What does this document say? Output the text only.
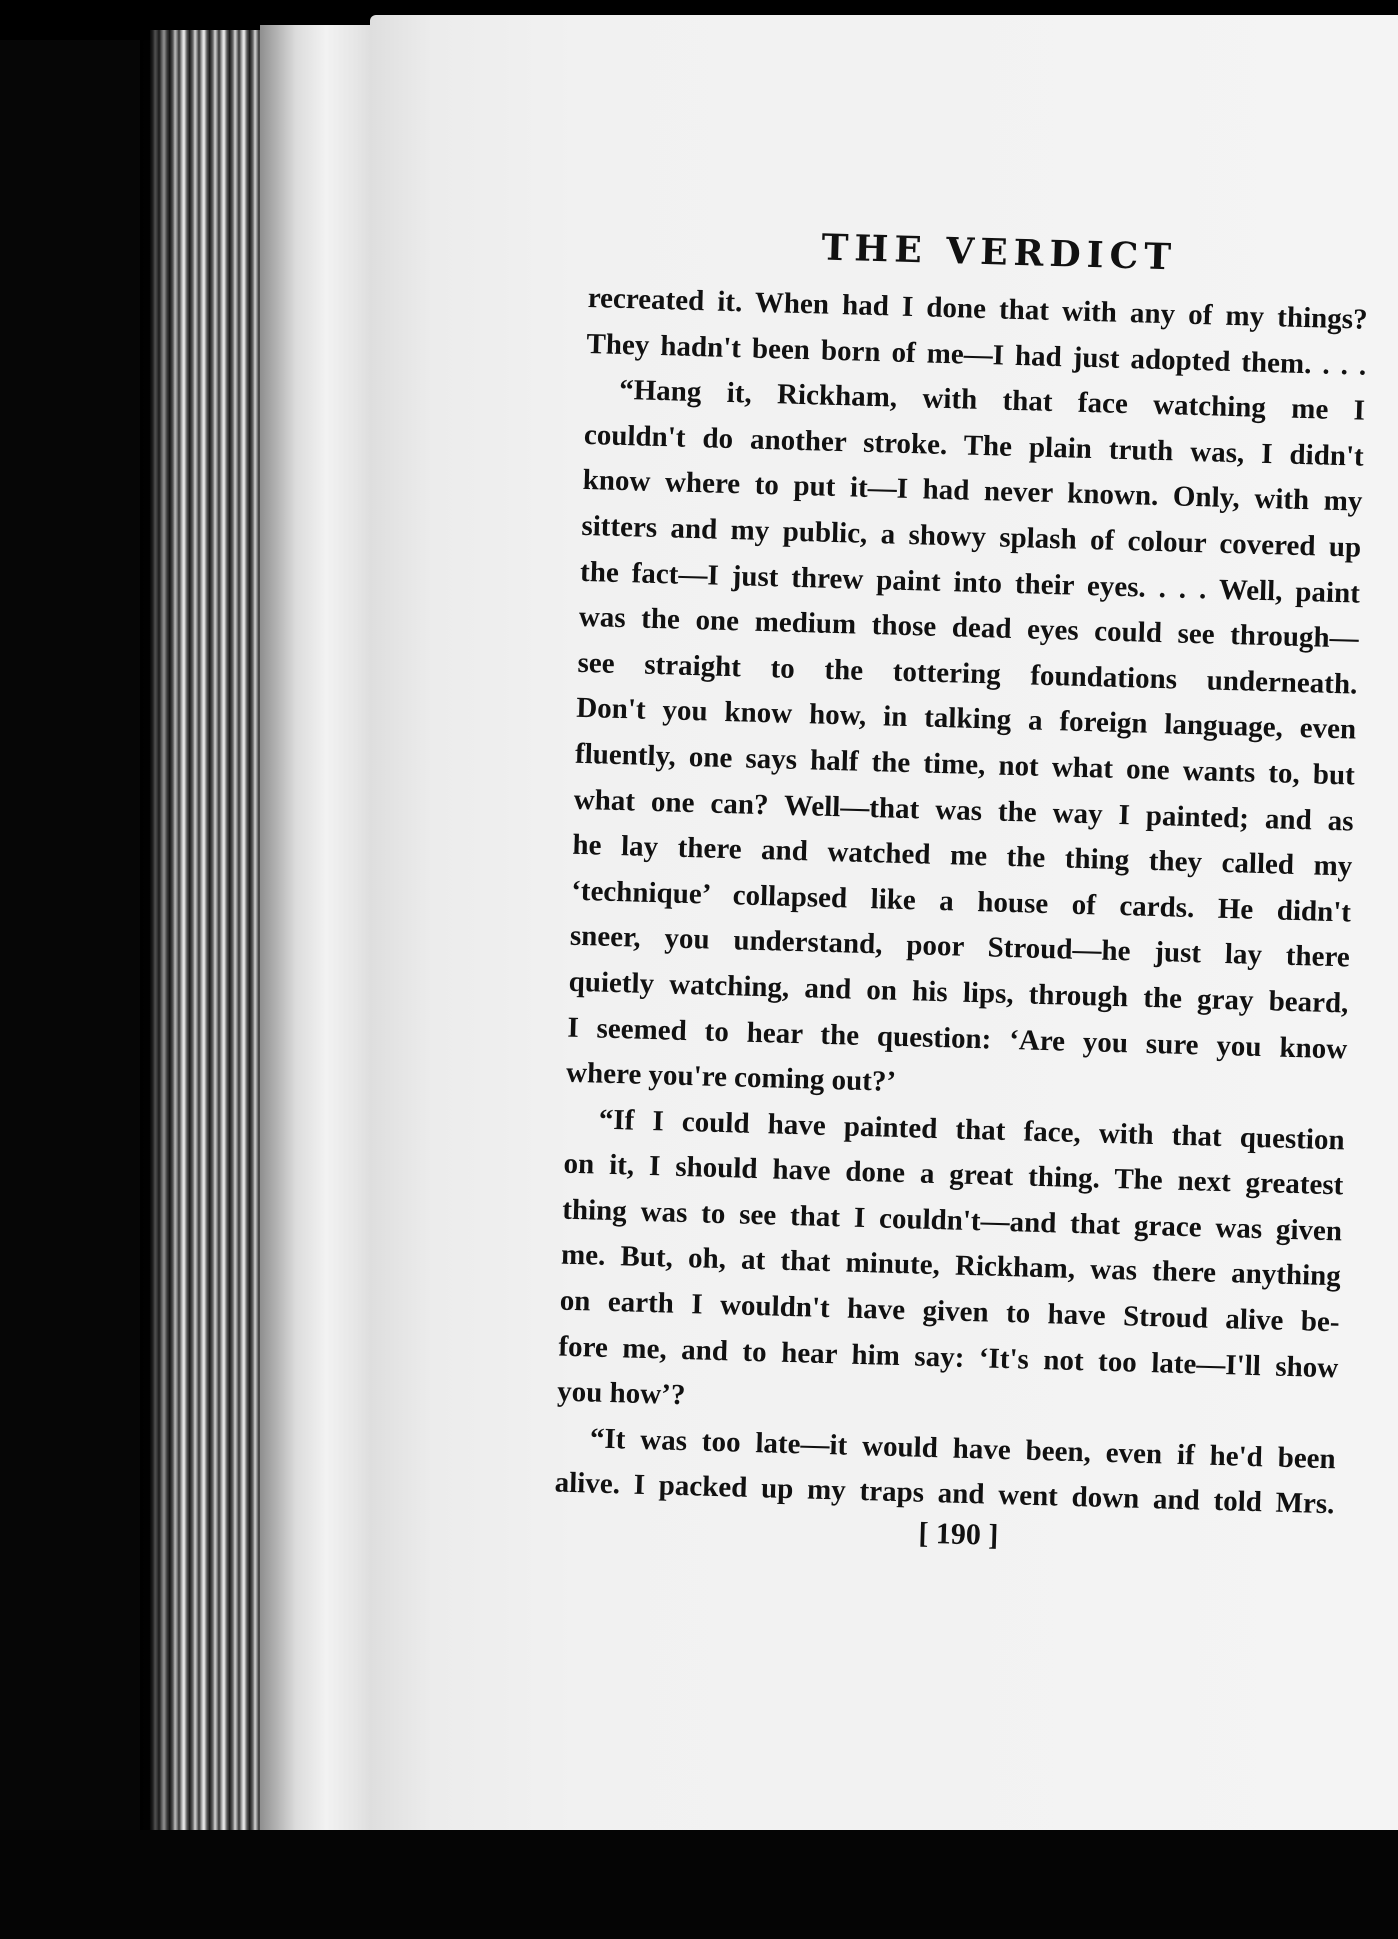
THE VERDICT
recreated it. When had I done that with any of my things?
They hadn't been born of me—I had just adopted them. . . .
“Hang it, Rickham, with that face watching me I
couldn't do another stroke. The plain truth was, I didn't
know where to put it—I had never known. Only, with my
sitters and my public, a showy splash of colour covered up
the fact—I just threw paint into their eyes. . . . Well, paint
was the one medium those dead eyes could see through—
see straight to the tottering foundations underneath.
Don't you know how, in talking a foreign language, even
fluently, one says half the time, not what one wants to, but
what one can? Well—that was the way I painted; and as
he lay there and watched me the thing they called my
‘technique’ collapsed like a house of cards. He didn't
sneer, you understand, poor Stroud—he just lay there
quietly watching, and on his lips, through the gray beard,
I seemed to hear the question: ‘Are you sure you know
where you're coming out?’
“If I could have painted that face, with that question
on it, I should have done a great thing. The next greatest
thing was to see that I couldn't—and that grace was given
me. But, oh, at that minute, Rickham, was there anything
on earth I wouldn't have given to have Stroud alive be-
fore me, and to hear him say: ‘It's not too late—I'll show
you how’?
“It was too late—it would have been, even if he'd been
alive. I packed up my traps and went down and told Mrs.
[ 190 ]
